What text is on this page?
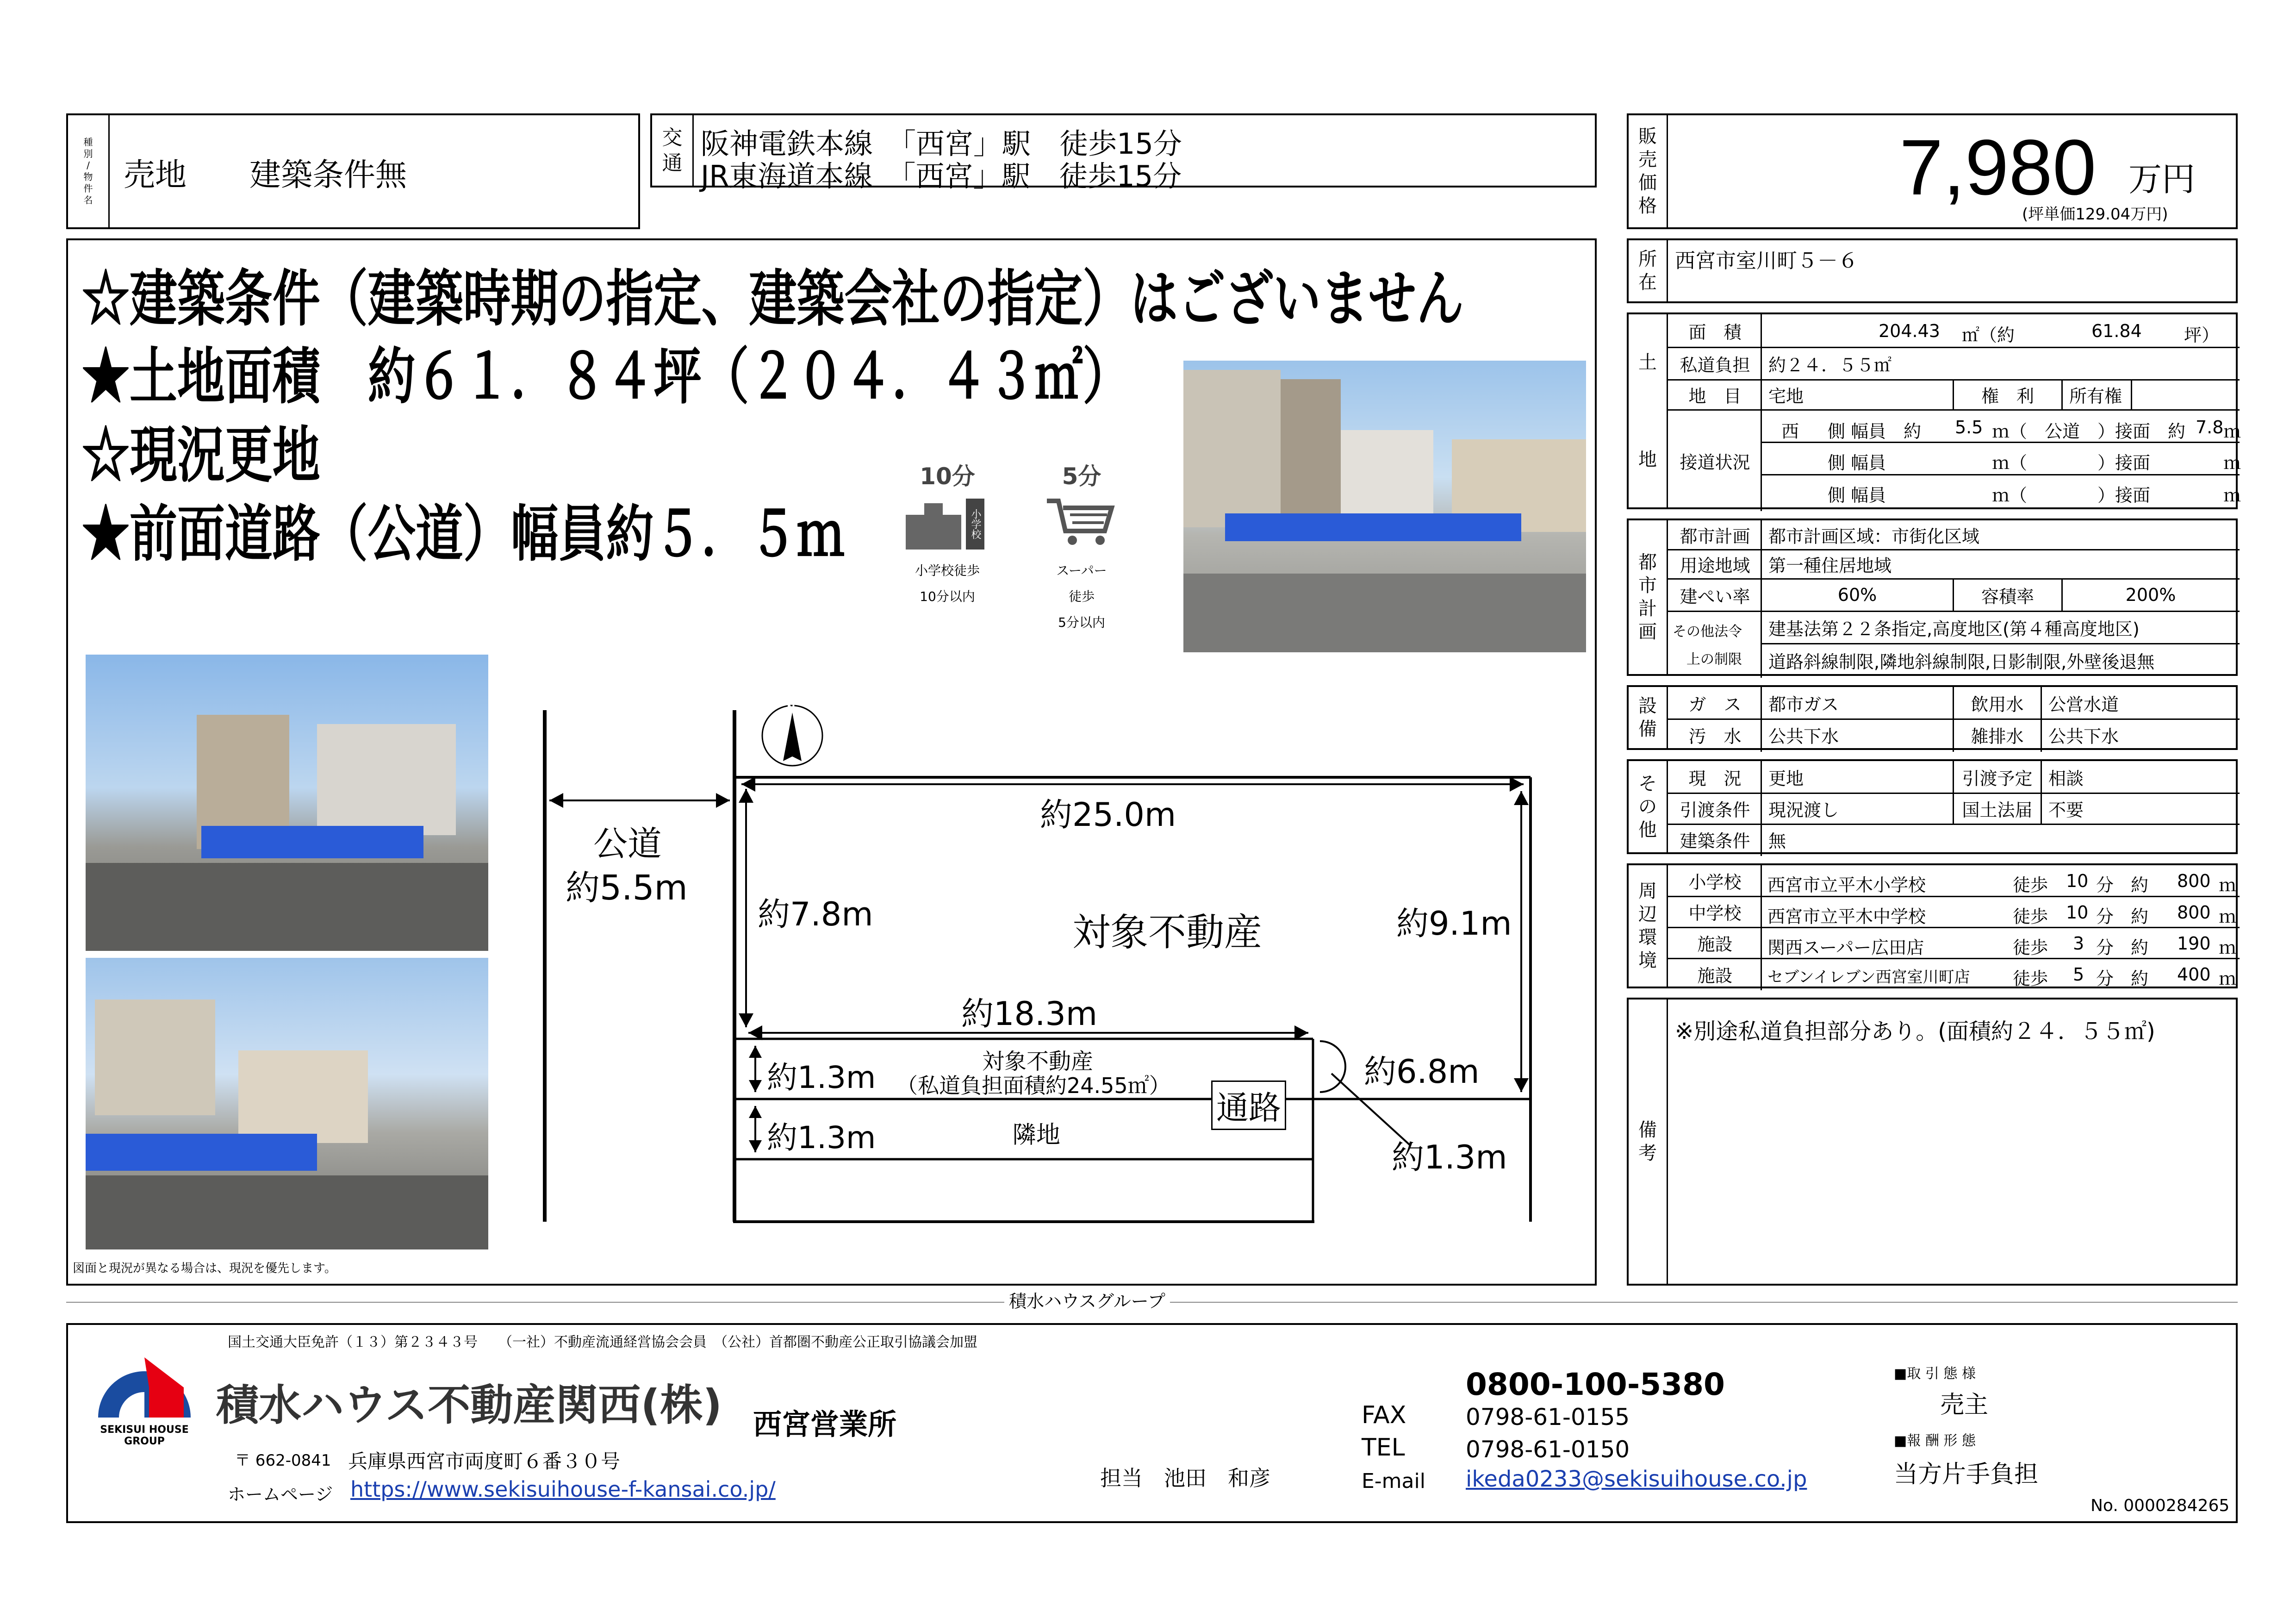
種
別
/
物
件
名
売地　　建築条件無
交
通
阪神電鉄本線　「西宮」駅　徒歩15分
JR東海道本線　「西宮」駅　徒歩15分
販
売
価
格	7,980 万円
(坪単価129.04万円)
☆建築条件（建築時期の指定、建築会社の指定）はございません
★土地面積　約６１．８４坪（２０４．４３㎡）
☆現況更地
★前面道路（公道）幅員約５．５ｍ
10分
小学校
小学校徒歩
10分以内
5分
スーパー
徒歩
5分以内
N
公道
約5.5m
約25.0m
約7.8m	約9.1m
対象不動産
約18.3m
対象不動産
（私道負担面積約24.55㎡）
約1.3m
通路
隣地
約1.3m
約6.8m
約1.3m
図面と現況が異なる場合は、現況を優先します。
所
在
西宮市室川町５－６
土
地
面　積	204.43 ㎡（約	61.84 坪）
私道負担	約２４．５５㎡
地　目	宅地	権　利	所有権
接道状況
西 側 幅員　約 5.5 ｍ（　公道　）接面　約 7.8 ｍ
側 幅員	ｍ（　　　　）接面	ｍ
側 幅員	ｍ（　　　　）接面	ｍ
都
市
計
画
都市計画	都市計画区域：市街化区域
用途地域	第一種住居地域
建ぺい率	60%	容積率	200%
その他法令
上の制限
建基法第２２条指定,高度地区(第４種高度地区)
道路斜線制限,隣地斜線制限,日影制限,外壁後退無
設
備
ガ　ス	都市ガス	飲用水	公営水道
汚　水	公共下水	雑排水	公共下水
そ
の
他
現　況	更地	引渡予定 相談
引渡条件	現況渡し	国土法届 不要
建築条件	無
周
辺
環
境
小学校	西宮市立平木小学校	徒歩 10 分 約 800 ｍ
中学校	西宮市立平木中学校	徒歩 10 分 約 800 ｍ
施設	関西スーパー広田店	徒歩 3 分 約 190 ｍ
施設	セブンイレブン西宮室川町店 徒歩 5 分 約 400 ｍ
備
考
※別途私道負担部分あり。(面積約２４．５５㎡)
積水ハウスグループ
国土交通大臣免許（１３）第２３４３号　　（一社）不動産流通経営協会会員　（公社）首都圏不動産公正取引協議会加盟
SEKISUI HOUSE
GROUP
積水ハウス不動産関西(株) 西宮営業所
〒 662-0841 兵庫県西宮市両度町６番３０号
ホームページ https://www.sekisuihouse-f-kansai.co.jp/	担当　池田　和彦
0800-100-5380
FAX	0798-61-0155
TEL	0798-61-0150
E-mail ikeda0233@sekisuihouse.co.jp
■取 引 態 様
売主
■報 酬 形 態
当方片手負担
No. 0000284265
